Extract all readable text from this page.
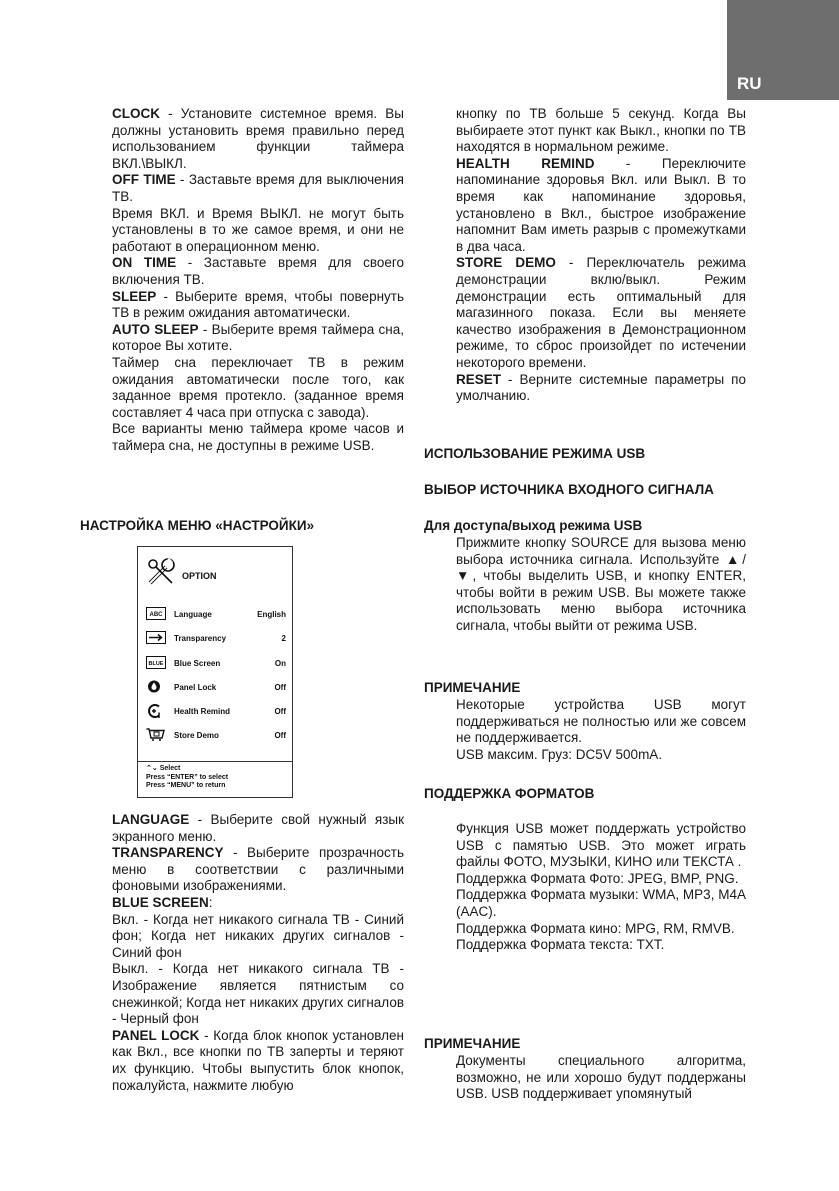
RU

CLOCK - Установите системное время. Вы должны установить время правильно перед использованием функции таймера ВКЛ.\ВЫКЛ.

OFF TIME - Заставьте время для выключения ТВ.

Время ВКЛ. и Время ВЫКЛ. не могут быть установлены в то же самое время, и они не работают в операционном меню.

ON TIME - Заставьте время для своего включения ТВ.

SLEEP - Выберите время, чтобы повернуть ТВ в режим ожидания автоматически.

AUTO SLEEP - Выберите время таймера сна, которое Вы хотите.

Таймер сна переключает ТВ в режим ожидания автоматически после того, как заданное время протекло. (заданное время составляет 4 часа при отпуска с завода).

Все варианты меню таймера кроме часов и таймера сна, не доступны в режиме USB.

НАСТРОЙКА МЕНЮ «НАСТРОЙКИ»
OPTION
ABC Language	English
Transparency	2
BLUE Blue Screen	On
Panel Lock	Off
Health Remind	Off
Store Demo	Off
⌃⌄ Select
Press “ENTER” to select
Press “MENU” to return

LANGUAGE - Выберите свой нужный язык экранного меню.

TRANSPARENCY - Выберите прозрачность меню в соответствии с различными фоновыми изображениями.

BLUE SCREEN:

Вкл. - Когда нет никакого сигнала ТВ - Синий фон; Когда нет никаких других сигналов - Синий фон

Выкл. - Когда нет никакого сигнала ТВ - Изображение является пятнистым со снежинкой; Когда нет никаких других сигналов - Черный фон

PANEL LOCK - Когда блок кнопок установлен как Вкл., все кнопки по ТВ заперты и теряют их функцию. Чтобы выпустить блок кнопок, пожалуйста, нажмите любую

кнопку по ТВ больше 5 секунд. Когда Вы выбираете этот пункт как Выкл., кнопки по ТВ находятся в нормальном режиме.

HEALTH REMIND - Переключите напоминание здоровья Вкл. или Выкл. В то время как напоминание здоровья, установлено в Вкл., быстрое изображение напомнит Вам иметь разрыв с промежутками в два часа.

STORE DEMO - Переключатель режима демонстрации вклю/выкл. Режим демонстрации есть оптимальный для магазинного показа. Если вы меняете качество изображения в Демонстрационном режиме, то сброс произойдет по истечении некоторого времени.

RESET - Верните системные параметры по умолчанию.

ИСПОЛЬЗОВАНИЕ РЕЖИМА USB
ВЫБОР ИСТОЧНИКА ВХОДНОГО СИГНАЛА
Для доступа/выход режима USB

Прижмите кнопку SOURCE для вызова меню выбора источника сигнала. Используйте ▲/▼, чтобы выделить USB, и кнопку ENTER, чтобы войти в режим USB. Вы можете также использовать меню выбора источника сигнала, чтобы выйти от режима USB.

ПРИМЕЧАНИЕ

Некоторые устройства USB могут поддерживаться не полностью или же совсем не поддерживается.

USB максим. Груз: DC5V 500mA.

ПОДДЕРЖКА ФОРМАТОВ

Функция USB может поддержать устройство USB с памятью USB. Это может играть файлы ФОТО, МУЗЫКИ, КИНО или ТЕКСТА .

Поддержка Формата Фото: JPEG, BMP, PNG.

Поддержка Формата музыки: WMA, MP3, M4A (AAC).

Поддержка Формата кино: MPG, RM, RMVB.

Поддержка Формата текста: TXT.

ПРИМЕЧАНИЕ

Документы специального алгоритма, возможно, не или хорошо будут поддержаны USB. USB поддерживает упомянутый
